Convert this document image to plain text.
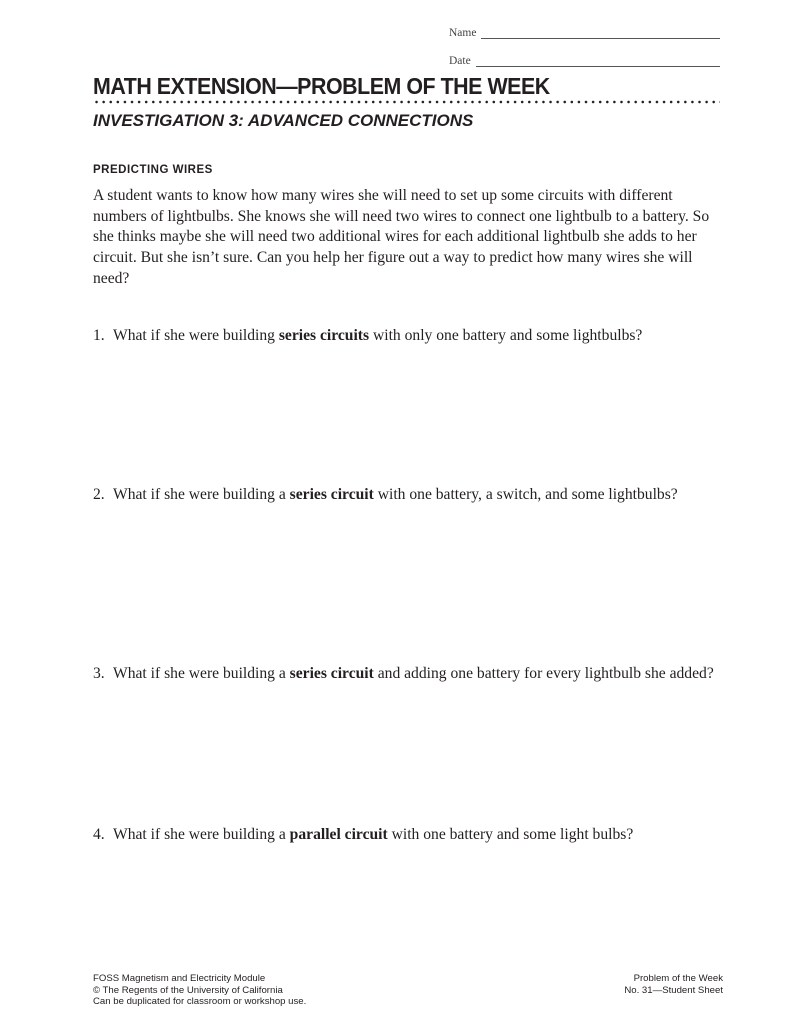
Name
Date
MATH EXTENSION—PROBLEM OF THE WEEK
INVESTIGATION 3: ADVANCED CONNECTIONS
PREDICTING WIRES
A student wants to know how many wires she will need to set up some circuits with different numbers of lightbulbs. She knows she will need two wires to connect one lightbulb to a battery. So she thinks maybe she will need two additional wires for each additional lightbulb she adds to her circuit. But she isn’t sure. Can you help her figure out a way to predict how many wires she will need?
1. What if she were building series circuits with only one battery and some lightbulbs?
2. What if she were building a series circuit with one battery, a switch, and some lightbulbs?
3. What if she were building a series circuit and adding one battery for every lightbulb she added?
4. What if she were building a parallel circuit with one battery and some light bulbs?
FOSS Magnetism and Electricity Module
© The Regents of the University of California
Can be duplicated for classroom or workshop use.
Problem of the Week
No. 31—Student Sheet
